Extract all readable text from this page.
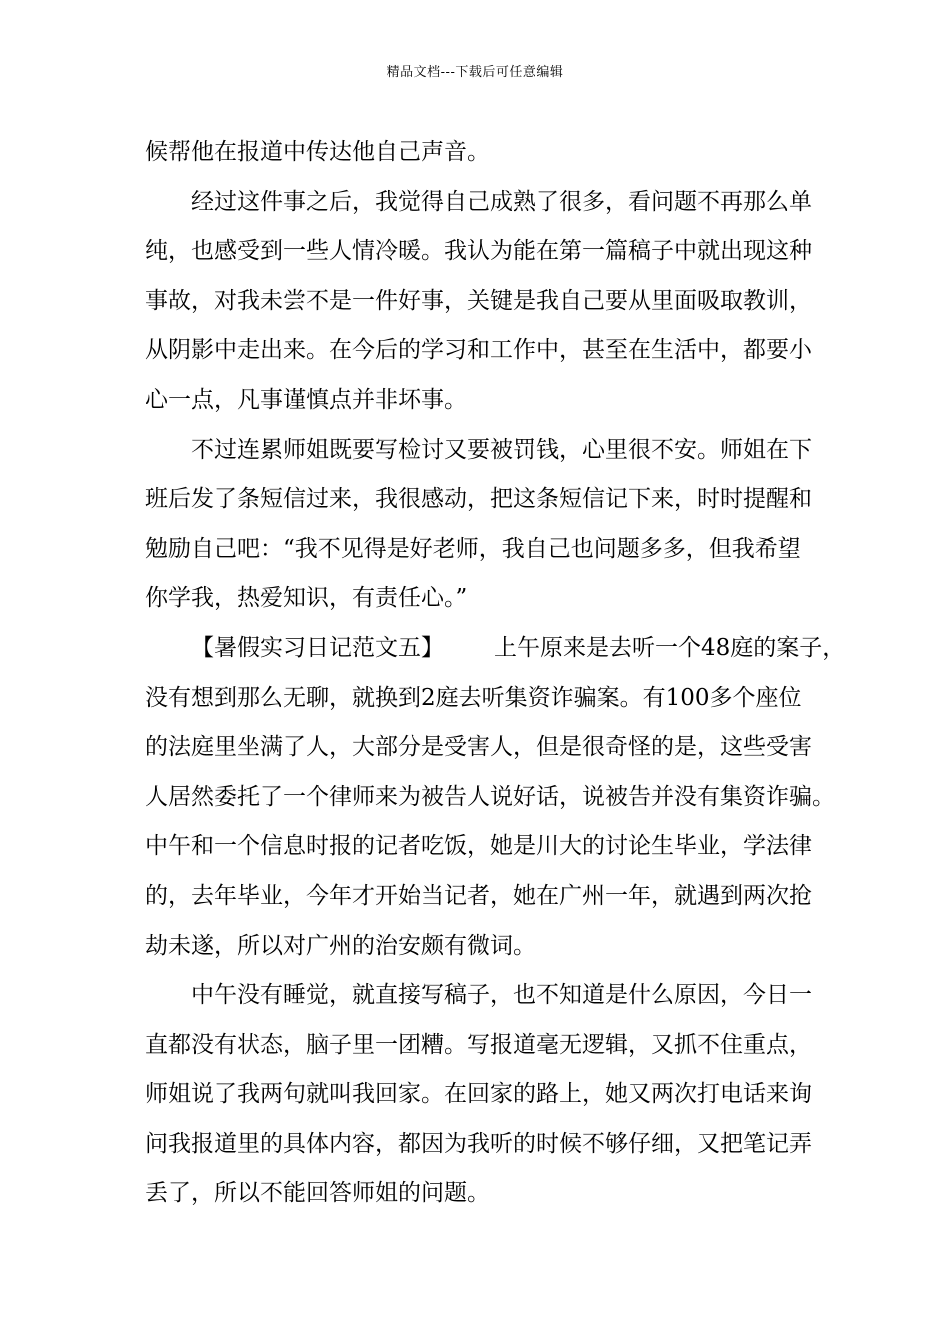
精品文档---下载后可任意编辑
候帮他在报道中传达他自己声音。
经过这件事之后，我觉得自己成熟了很多，看问题不再那么单
纯，也感受到一些人情冷暖。我认为能在第一篇稿子中就出现这种
事故，对我未尝不是一件好事，关键是我自己要从里面吸取教训，
从阴影中走出来。在今后的学习和工作中，甚至在生活中，都要小
心一点，凡事谨慎点并非坏事。
不过连累师姐既要写检讨又要被罚钱，心里很不安。师姐在下
班后发了条短信过来，我很感动，把这条短信记下来，时时提醒和
勉励自己吧：“我不见得是好老师，我自己也问题多多，但我希望
你学我，热爱知识，有责任心。”
【暑假实习日记范文五】 上午原来是去听一个48庭的案子，
没有想到那么无聊，就换到2庭去听集资诈骗案。有100多个座位
的法庭里坐满了人，大部分是受害人，但是很奇怪的是，这些受害
人居然委托了一个律师来为被告人说好话，说被告并没有集资诈骗。
中午和一个信息时报的记者吃饭，她是川大的讨论生毕业，学法律
的，去年毕业，今年才开始当记者，她在广州一年，就遇到两次抢
劫未遂，所以对广州的治安颇有微词。
中午没有睡觉，就直接写稿子，也不知道是什么原因，今日一
直都没有状态，脑子里一团糟。写报道毫无逻辑，又抓不住重点，
师姐说了我两句就叫我回家。在回家的路上，她又两次打电话来询
问我报道里的具体内容，都因为我听的时候不够仔细，又把笔记弄
丢了，所以不能回答师姐的问题。
